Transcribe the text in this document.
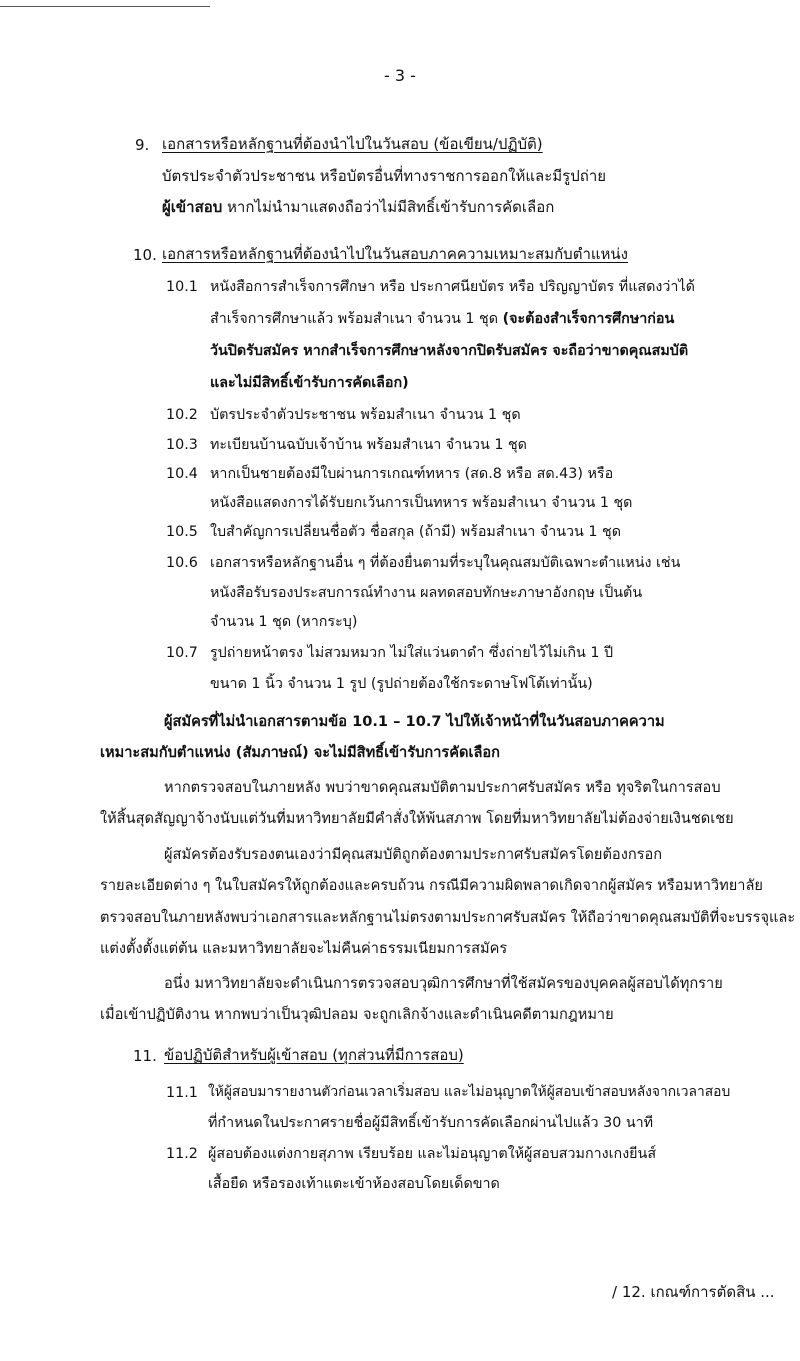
- 3 -
9. เอกสารหรือหลักฐานที่ต้องนำไปในวันสอบ (ข้อเขียน/ปฏิบัติ)
บัตรประจำตัวประชาชน หรือบัตรอื่นที่ทางราชการออกให้และมีรูปถ่าย
ผู้เข้าสอบ หากไม่นำมาแสดงถือว่าไม่มีสิทธิ์เข้ารับการคัดเลือก
10. เอกสารหรือหลักฐานที่ต้องนำไปในวันสอบภาคความเหมาะสมกับตำแหน่ง
10.1 หนังสือการสำเร็จการศึกษา หรือ ประกาศนียบัตร หรือ ปริญญาบัตร ที่แสดงว่าได้
สำเร็จการศึกษาแล้ว พร้อมสำเนา จำนวน 1 ชุด (จะต้องสำเร็จการศึกษาก่อน
วันปิดรับสมัคร หากสำเร็จการศึกษาหลังจากปิดรับสมัคร จะถือว่าขาดคุณสมบัติ
และไม่มีสิทธิ์เข้ารับการคัดเลือก)
10.2 บัตรประจำตัวประชาชน พร้อมสำเนา จำนวน 1 ชุด
10.3 ทะเบียนบ้านฉบับเจ้าบ้าน พร้อมสำเนา จำนวน 1 ชุด
10.4 หากเป็นชายต้องมีใบผ่านการเกณฑ์ทหาร (สด.8 หรือ สด.43) หรือ
หนังสือแสดงการได้รับยกเว้นการเป็นทหาร พร้อมสำเนา จำนวน 1 ชุด
10.5 ใบสำคัญการเปลี่ยนชื่อตัว ชื่อสกุล (ถ้ามี) พร้อมสำเนา จำนวน 1 ชุด
10.6 เอกสารหรือหลักฐานอื่น ๆ ที่ต้องยื่นตามที่ระบุในคุณสมบัติเฉพาะตำแหน่ง เช่น
หนังสือรับรองประสบการณ์ทำงาน ผลทดสอบทักษะภาษาอังกฤษ เป็นต้น
จำนวน 1 ชุด (หากระบุ)
10.7 รูปถ่ายหน้าตรง ไม่สวมหมวก ไม่ใส่แว่นตาดำ ซึ่งถ่ายไว้ไม่เกิน 1 ปี
ขนาด 1 นิ้ว จำนวน 1 รูป (รูปถ่ายต้องใช้กระดาษโฟโต้เท่านั้น)
ผู้สมัครที่ไม่นำเอกสารตามข้อ 10.1 – 10.7 ไปให้เจ้าหน้าที่ในวันสอบภาคความ
เหมาะสมกับตำแหน่ง (สัมภาษณ์) จะไม่มีสิทธิ์เข้ารับการคัดเลือก
หากตรวจสอบในภายหลัง พบว่าขาดคุณสมบัติตามประกาศรับสมัคร หรือ ทุจริตในการสอบ
ให้สิ้นสุดสัญญาจ้างนับแต่วันที่มหาวิทยาลัยมีคำสั่งให้พ้นสภาพ โดยที่มหาวิทยาลัยไม่ต้องจ่ายเงินชดเชย
ผู้สมัครต้องรับรองตนเองว่ามีคุณสมบัติถูกต้องตามประกาศรับสมัครโดยต้องกรอก
รายละเอียดต่าง ๆ ในใบสมัครให้ถูกต้องและครบถ้วน กรณีมีความผิดพลาดเกิดจากผู้สมัคร หรือมหาวิทยาลัย
ตรวจสอบในภายหลังพบว่าเอกสารและหลักฐานไม่ตรงตามประกาศรับสมัคร ให้ถือว่าขาดคุณสมบัติที่จะบรรจุและ
แต่งตั้งตั้งแต่ต้น และมหาวิทยาลัยจะไม่คืนค่าธรรมเนียมการสมัคร
อนึ่ง มหาวิทยาลัยจะดำเนินการตรวจสอบวุฒิการศึกษาที่ใช้สมัครของบุคคลผู้สอบได้ทุกราย
เมื่อเข้าปฏิบัติงาน หากพบว่าเป็นวุฒิปลอม จะถูกเลิกจ้างและดำเนินคดีตามกฎหมาย
11. ข้อปฏิบัติสำหรับผู้เข้าสอบ (ทุกส่วนที่มีการสอบ)
11.1 ให้ผู้สอบมารายงานตัวก่อนเวลาเริ่มสอบ และไม่อนุญาตให้ผู้สอบเข้าสอบหลังจากเวลาสอบ
ที่กำหนดในประกาศรายชื่อผู้มีสิทธิ์เข้ารับการคัดเลือกผ่านไปแล้ว 30 นาที
11.2 ผู้สอบต้องแต่งกายสุภาพ เรียบร้อย และไม่อนุญาตให้ผู้สอบสวมกางเกงยีนส์
เสื้อยืด หรือรองเท้าแตะเข้าห้องสอบโดยเด็ดขาด
/ 12. เกณฑ์การตัดสิน ...
